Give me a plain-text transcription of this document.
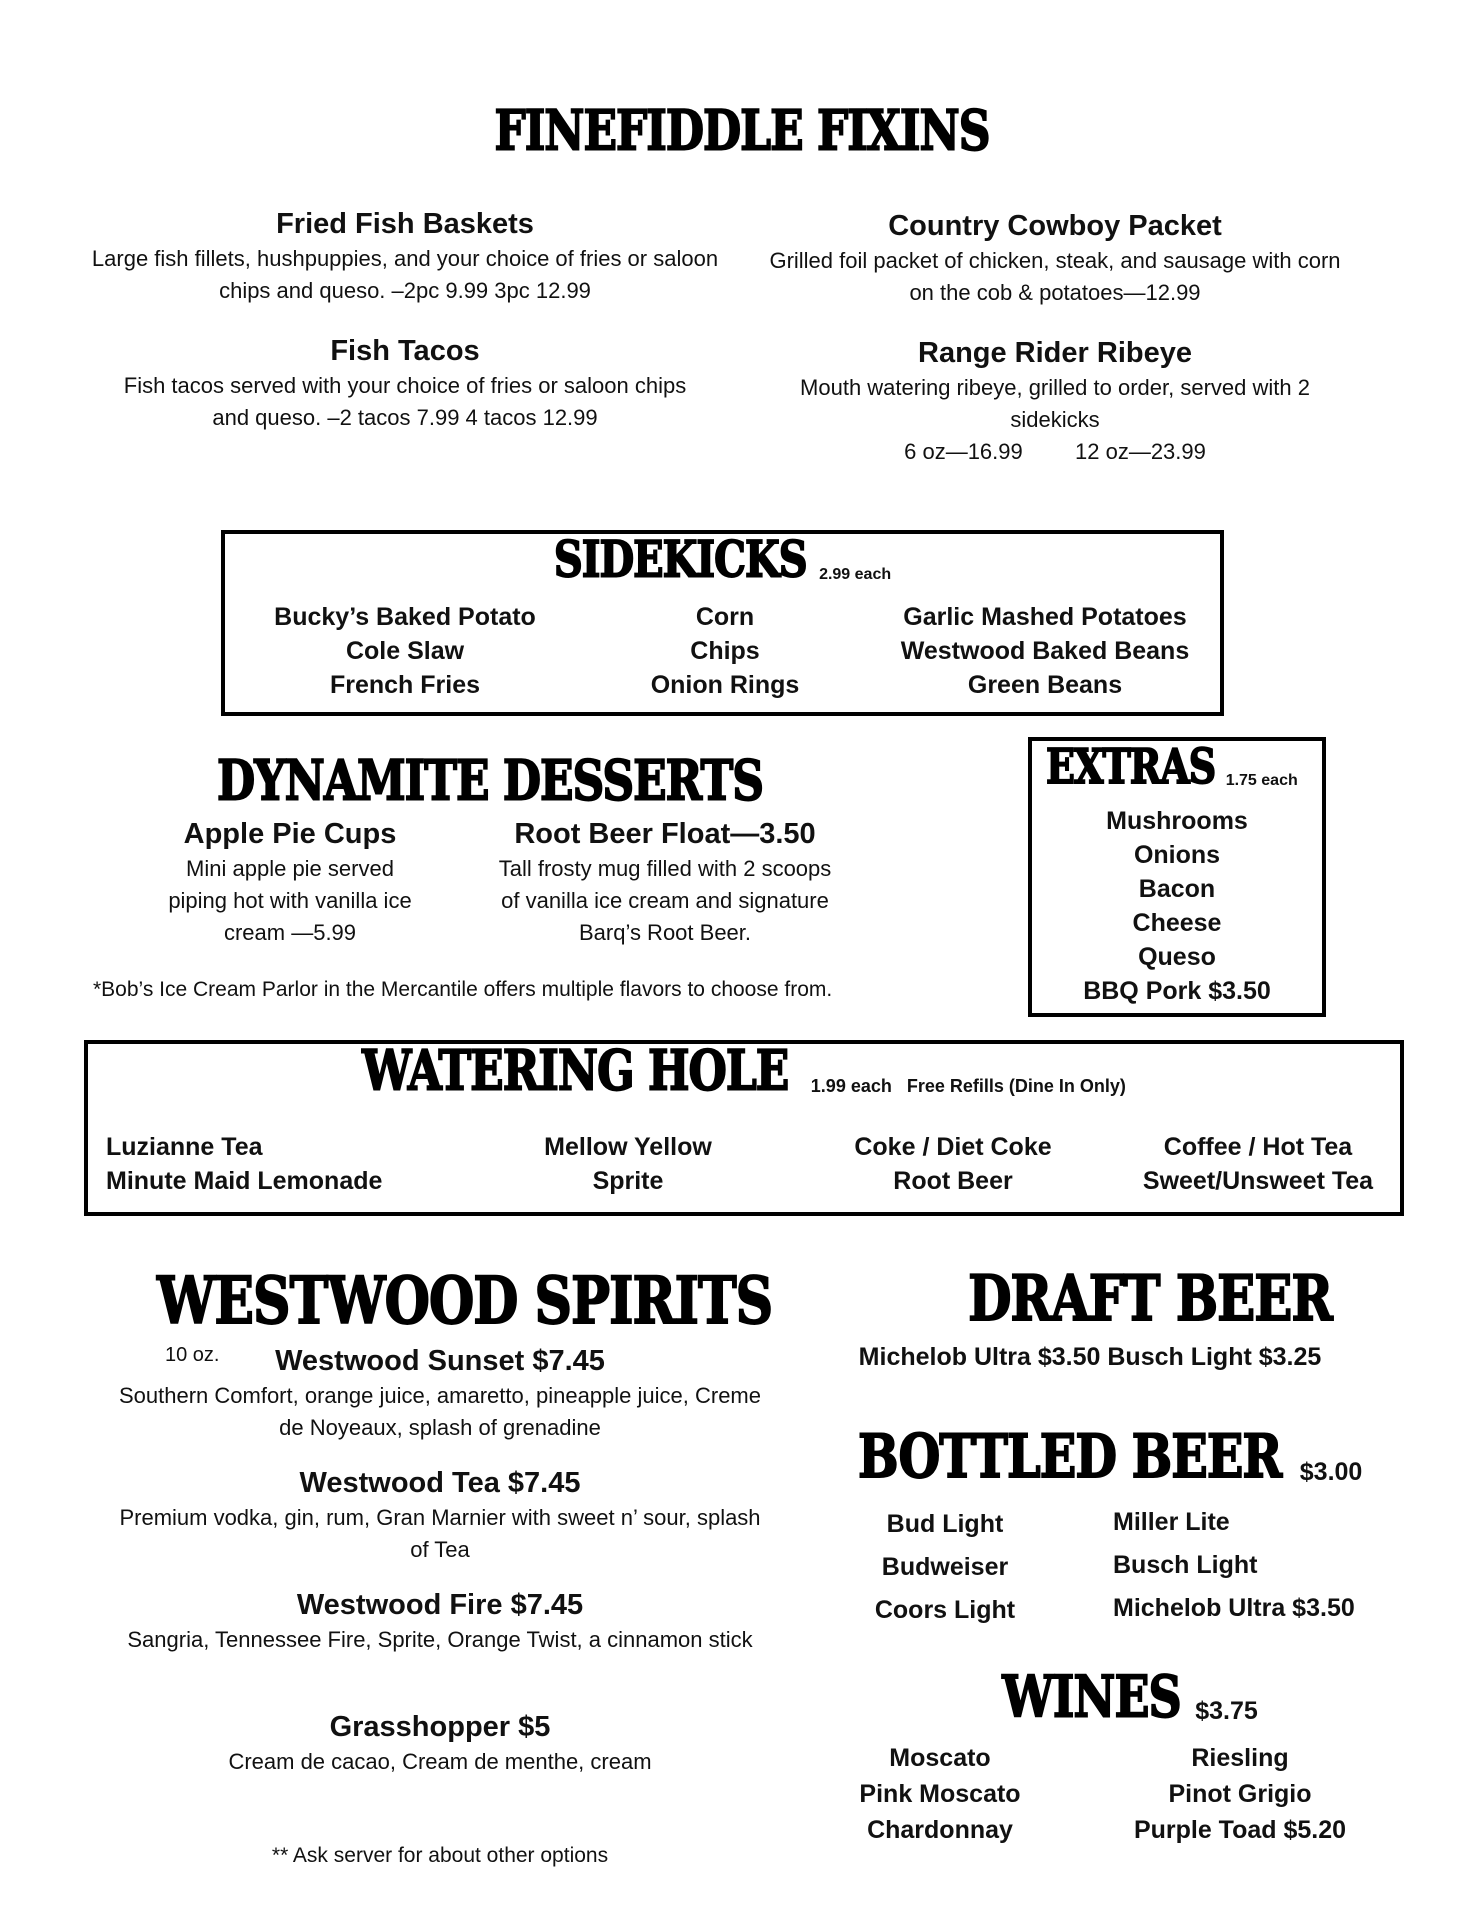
FINEFIDDLE FIXINS
Fried Fish Baskets
Large fish fillets, hushpuppies, and your choice of fries or saloon chips and queso. –2pc 9.99 3pc 12.99
Fish Tacos
Fish tacos served with your choice of fries or saloon chips and queso. –2 tacos 7.99 4 tacos 12.99
Country Cowboy Packet
Grilled foil packet of chicken, steak, and sausage with corn on the cob & potatoes—12.99
Range Rider Ribeye
Mouth watering ribeye, grilled to order, served with 2 sidekicks
6 oz—16.99 12 oz—23.99
SIDEKICKS 2.99 each
Bucky’s Baked Potato
Cole Slaw
French Fries
Corn
Chips
Onion Rings
Garlic Mashed Potatoes
Westwood Baked Beans
Green Beans
DYNAMITE DESSERTS
Apple Pie Cups
Mini apple pie served piping hot with vanilla ice cream —5.99
Root Beer Float—3.50
Tall frosty mug filled with 2 scoops of vanilla ice cream and signature Barq’s Root Beer.
*Bob’s Ice Cream Parlor in the Mercantile offers multiple flavors to choose from.
EXTRAS 1.75 each
Mushrooms
Onions
Bacon
Cheese
Queso
BBQ Pork $3.50
WATERING HOLE 1.99 each   Free Refills (Dine In Only)
Luzianne Tea
Minute Maid Lemonade
Mellow Yellow
Sprite
Coke / Diet Coke
Root Beer
Coffee / Hot Tea
Sweet/Unsweet Tea
WESTWOOD SPIRITS 10 oz.	Westwood Sunset $7.45
Southern Comfort, orange juice, amaretto, pineapple juice, Creme de Noyeaux, splash of grenadine
Westwood Tea $7.45
Premium vodka, gin, rum, Gran Marnier with sweet n’ sour, splash of Tea
Westwood Fire $7.45
Sangria, Tennessee Fire, Sprite, Orange Twist, a cinnamon stick
Grasshopper $5
Cream de cacao, Cream de menthe, cream
** Ask server for about other options
DRAFT BEER
Michelob Ultra $3.50 Busch Light $3.25
BOTTLED BEER $3.00
Bud Light
Budweiser
Coors Light
Miller Lite
Busch Light
Michelob Ultra $3.50
WINES $3.75
Moscato
Pink Moscato
Chardonnay
Riesling
Pinot Grigio
Purple Toad $5.20
